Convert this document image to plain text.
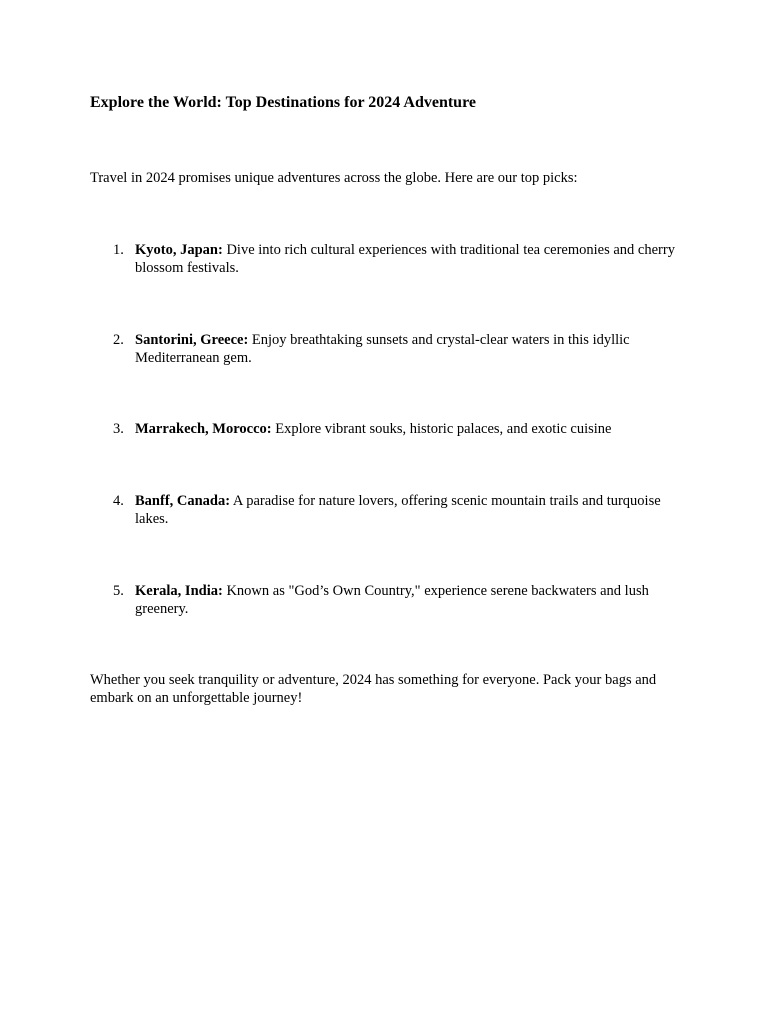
Explore the World: Top Destinations for 2024 Adventure

Travel in 2024 promises unique adventures across the globe. Here are our top picks:

1. Kyoto, Japan: Dive into rich cultural experiences with traditional tea ceremonies and cherry blossom festivals.
2. Santorini, Greece: Enjoy breathtaking sunsets and crystal-clear waters in this idyllic Mediterranean gem.
3. Marrakech, Morocco: Explore vibrant souks, historic palaces, and exotic cuisine
4. Banff, Canada: A paradise for nature lovers, offering scenic mountain trails and turquoise lakes.
5. Kerala, India: Known as "God’s Own Country," experience serene backwaters and lush greenery.

Whether you seek tranquility or adventure, 2024 has something for everyone. Pack your bags and embark on an unforgettable journey!
